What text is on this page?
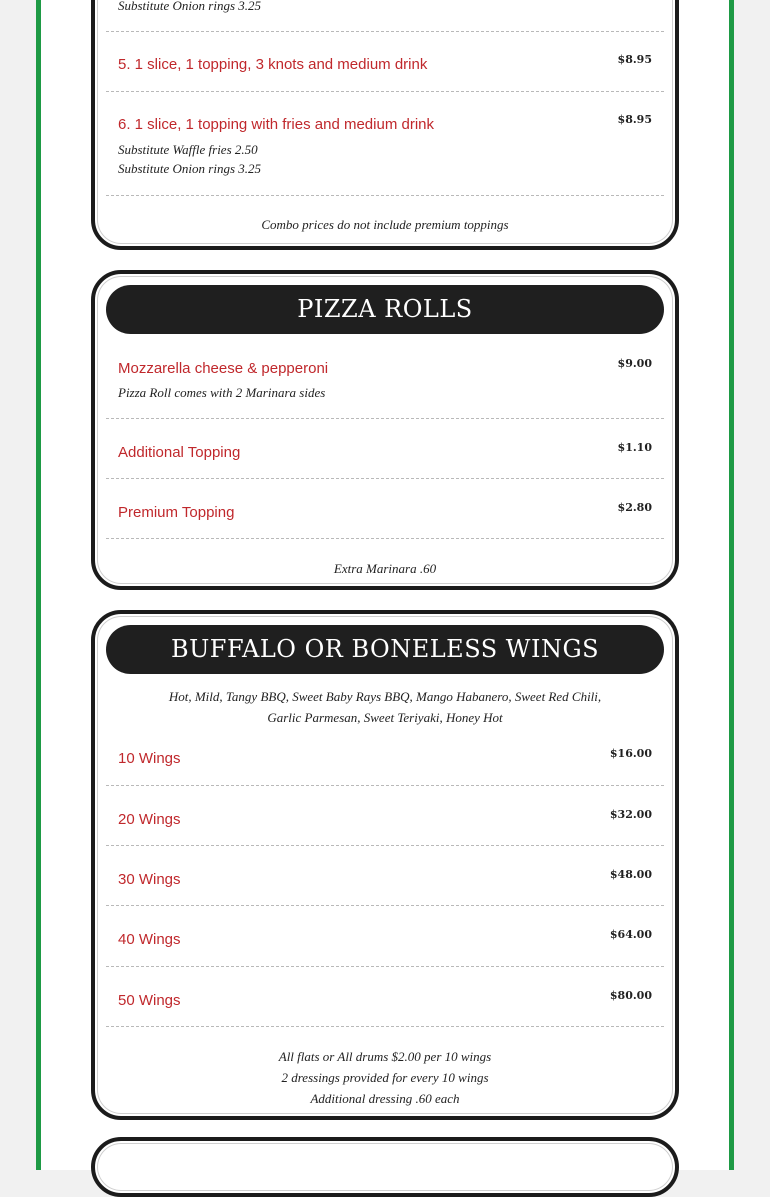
Substitute Onion rings 3.25
5. 1 slice, 1 topping, 3 knots and medium drink	$8.95
6. 1 slice, 1 topping with fries and medium drink	$8.95
Substitute Waffle fries 2.50
Substitute Onion rings 3.25
Combo prices do not include premium toppings
PIZZA ROLLS
Mozzarella cheese & pepperoni	$9.00
Pizza Roll comes with 2 Marinara sides
Additional Topping	$1.10
Premium Topping	$2.80
Extra Marinara .60
BUFFALO OR BONELESS WINGS
Hot, Mild, Tangy BBQ, Sweet Baby Rays BBQ, Mango Habanero, Sweet Red Chili,
Garlic Parmesan, Sweet Teriyaki, Honey Hot
10 Wings	$16.00
20 Wings	$32.00
30 Wings	$48.00
40 Wings	$64.00
50 Wings	$80.00
All flats or All drums $2.00 per 10 wings
2 dressings provided for every 10 wings
Additional dressing .60 each
